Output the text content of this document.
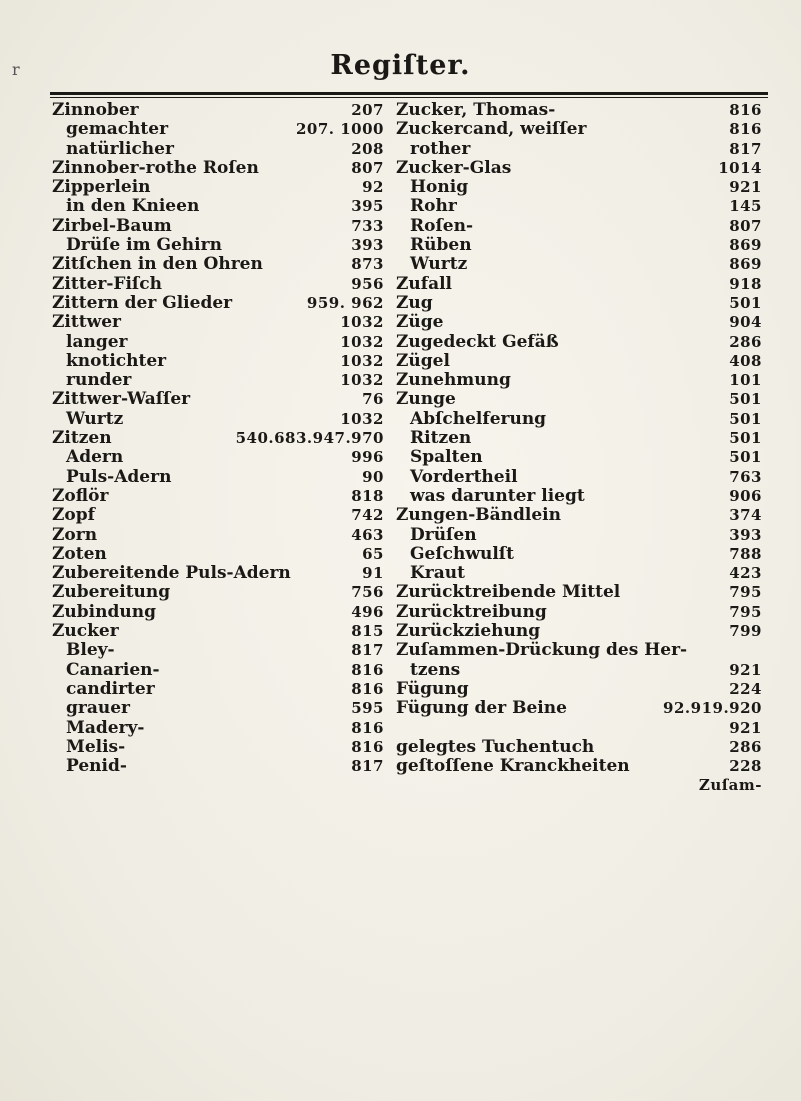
r	Regiſter.
Zinnober	207
gemachter	207. 1000
natürlicher	208
Zinnober-rothe Roſen	807
Zipperlein	92
in den Knieen	395
Zirbel-Baum	733
Drüſe im Gehirn	393
Zitſchen in den Ohren	873
Zitter-Fiſch	956
Zittern der Glieder	959. 962
Zittwer	1032
langer	1032
knotichter	1032
runder	1032
Zittwer-Waſſer	76
Wurtz	1032
Zitzen	540.683.947.970
Adern	996
Puls-Adern	90
Zoflör	818
Zopf	742
Zorn	463
Zoten	65
Zubereitende Puls-Adern	91
Zubereitung	756
Zubindung	496
Zucker	815
Bley-	817
Canarien-	816
candirter	816
grauer	595
Madery-	816
Melis-	816
Penid-	817
Zucker, Thomas-	816
Zuckercand, weiſſer	816
rother	817
Zucker-Glas	1014
Honig	921
Rohr	145
Roſen-	807
Rüben	869
Wurtz	869
Zufall	918
Zug	501
Züge	904
Zugedeckt Gefäß	286
Zügel	408
Zunehmung	101
Zunge	501
Abſchelferung	501
Ritzen	501
Spalten	501
Vordertheil	763
was darunter liegt	906
Zungen-Bändlein	374
Drüſen	393
Geſchwulſt	788
Kraut	423
Zurücktreibende Mittel	795
Zurücktreibung	795
Zurückziehung	799
Zuſammen-Drückung des Her-
tzens	921
Fügung	224
Fügung der Beine	92.919.920
921
gelegtes Tuchentuch	286
geſtoſſene Kranckheiten	228
Zuſam-
